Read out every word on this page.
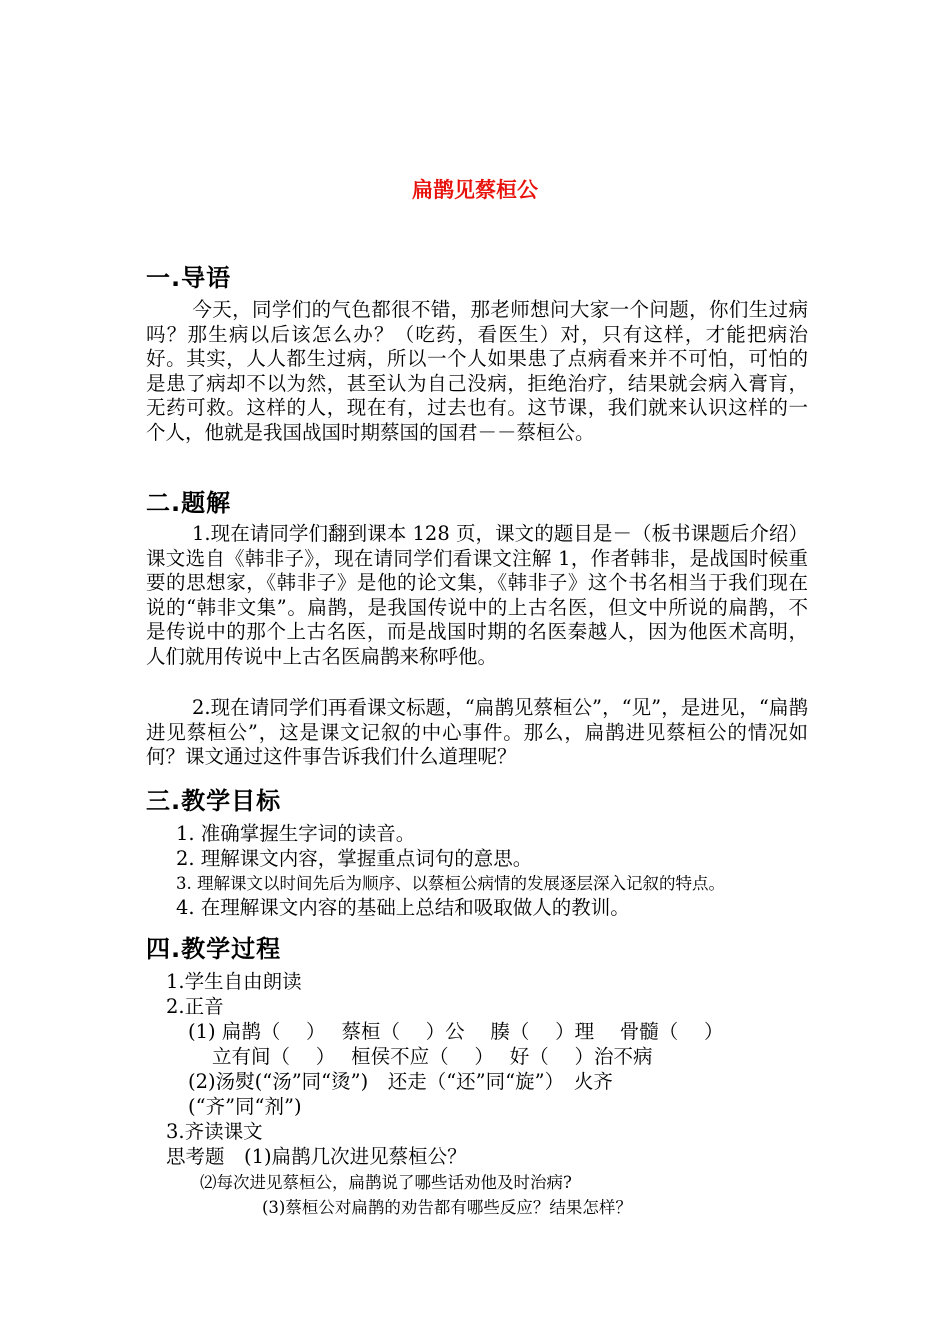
扁鹊见蔡桓公
一.导语
今天，同学们的气色都很不错，那老师想问大家一个问题，你们生过病吗？那生病以后该怎么办？（吃药，看医生）对，只有这样，才能把病治好。其实，人人都生过病，所以一个人如果患了点病看来并不可怕，可怕的是患了病却不以为然，甚至认为自己没病，拒绝治疗，结果就会病入膏肓，无药可救。这样的人，现在有，过去也有。这节课，我们就来认识这样的一个人，他就是我国战国时期蔡国的国君－－蔡桓公。
二.题解
1.现在请同学们翻到课本 128 页，课文的题目是－（板书课题后介绍）课文选自《韩非子》，现在请同学们看课文注解 1，作者韩非，是战国时候重要的思想家，《韩非子》是他的论文集，《韩非子》这个书名相当于我们现在说的“韩非文集”。扁鹊，是我国传说中的上古名医，但文中所说的扁鹊，不是传说中的那个上古名医，而是战国时期的名医秦越人，因为他医术高明，人们就用传说中上古名医扁鹊来称呼他。
2.现在请同学们再看课文标题，“扁鹊见蔡桓公”，“见”，是进见，“扁鹊进见蔡桓公”，这是课文记叙的中心事件。那么，扁鹊进见蔡桓公的情况如何？课文通过这件事告诉我们什么道理呢？
三.教学目标
1. 准确掌握生字词的读音。
2. 理解课文内容，掌握重点词句的意思。
3. 理解课文以时间先后为顺序、以蔡桓公病情的发展逐层深入记叙的特点。
4. 在理解课文内容的基础上总结和吸取做人的教训。
四.教学过程
1.学生自由朗读
2.正音
(1) 扁鹊（　 ）　 蔡桓（　 ）公　 腠（　 ）理　 骨髓（　 ）
立有间（　 ）　 桓侯不应（　 ）　 好（　 ）治不病
(2)汤熨(“汤”同“烫”)　还走（“还”同“旋”）　火齐
(“齐”同“剂”)
3.齐读课文
思考题　(1)扁鹊几次进见蔡桓公？
⑵每次进见蔡桓公，扁鹊说了哪些话劝他及时治病?
(3)蔡桓公对扁鹊的劝告都有哪些反应？结果怎样？
